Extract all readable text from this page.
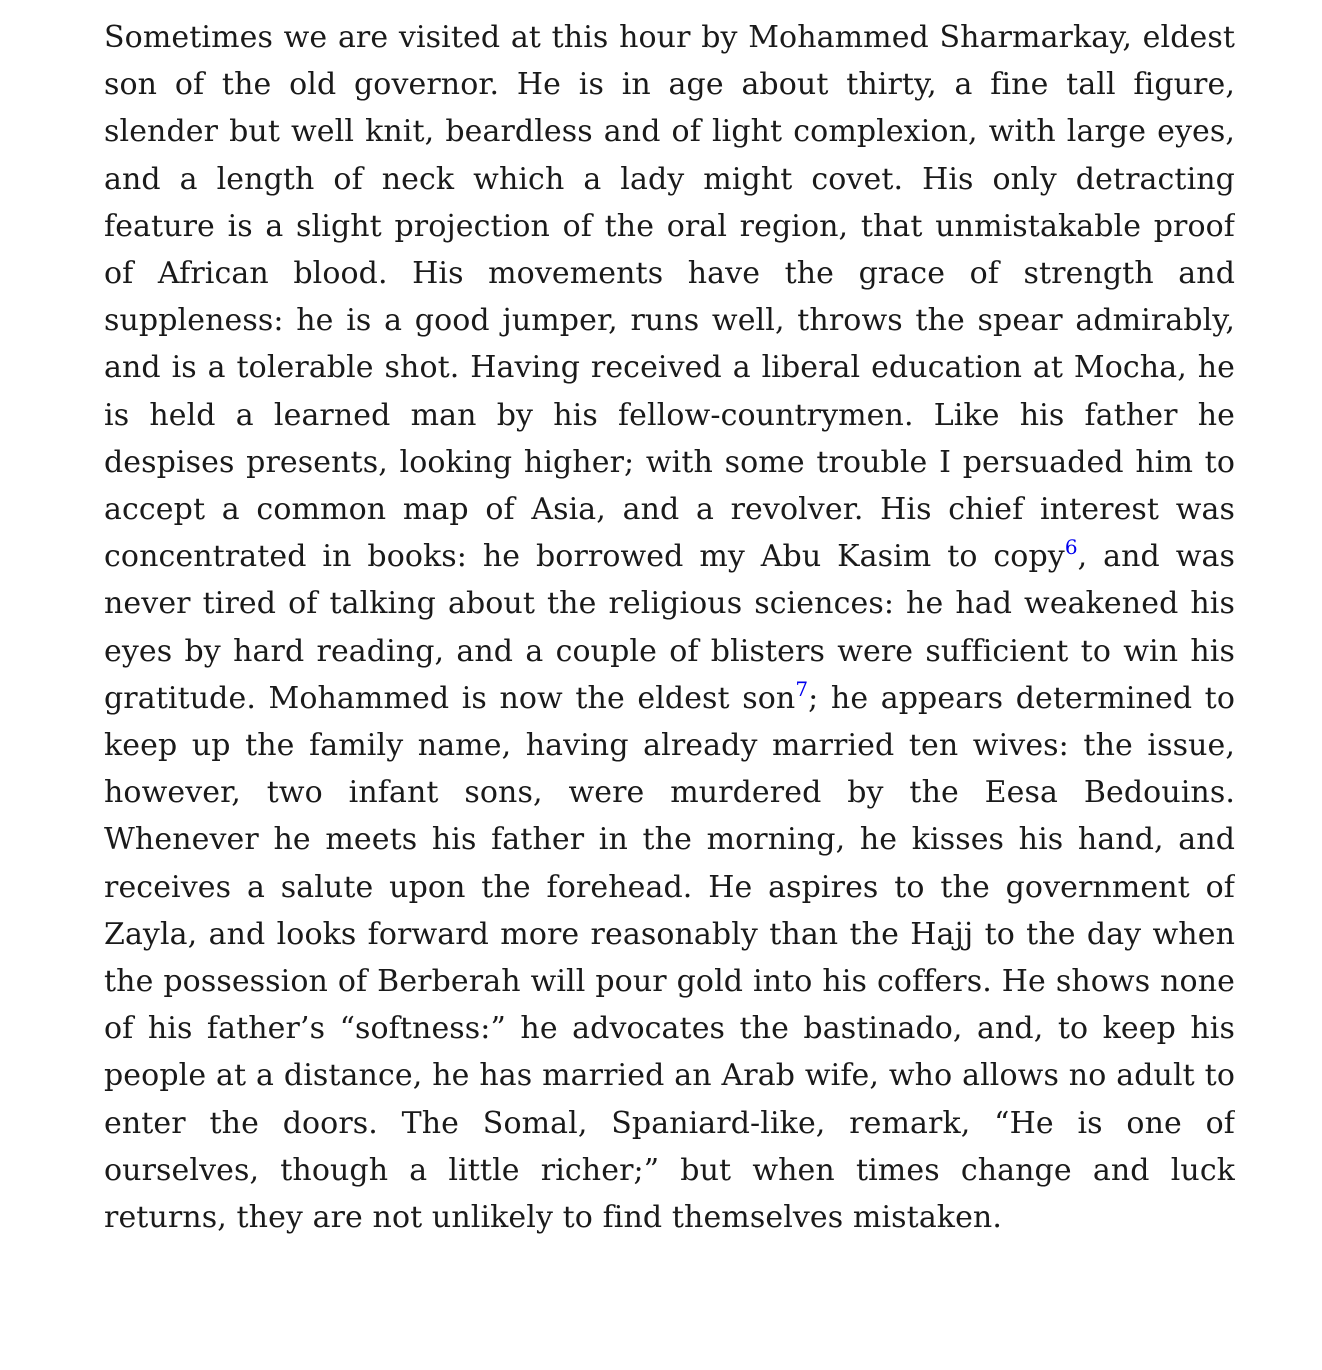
Sometimes we are visited at this hour by Mohammed Sharmarkay, eldest son of the old governor. He is in age about thirty, a fine tall figure, slender but well knit, beardless and of light complexion, with large eyes, and a length of neck which a lady might covet. His only detracting feature is a slight projection of the oral region, that unmistakable proof of African blood. His movements have the grace of strength and suppleness: he is a good jumper, runs well, throws the spear admirably, and is a tolerable shot. Having received a liberal education at Mocha, he is held a learned man by his fellow-countrymen. Like his father he despises presents, looking higher; with some trouble I persuaded him to accept a common map of Asia, and a revolver. His chief interest was concentrated in books: he borrowed my Abu Kasim to copy$^6$, and was never tired of talking about the religious sciences: he had weakened his eyes by hard reading, and a couple of blisters were sufficient to win his gratitude. Mohammed is now the eldest son$^7$; he appears determined to keep up the family name, having already married ten wives: the issue, however, two infant sons, were murdered by the Eesa Bedouins. Whenever he meets his father in the morning, he kisses his hand, and receives a salute upon the forehead. He aspires to the government of Zayla, and looks forward more reasonably than the Hajj to the day when the possession of Berberah will pour gold into his coffers. He shows none of his father’s “softness:” he advocates the bastinado, and, to keep his people at a distance, he has married an Arab wife, who allows no adult to enter the doors. The Somal, Spaniard-like, remark, “He is one of ourselves, though a little richer;” but when times change and luck returns, they are not unlikely to find themselves mistaken.
